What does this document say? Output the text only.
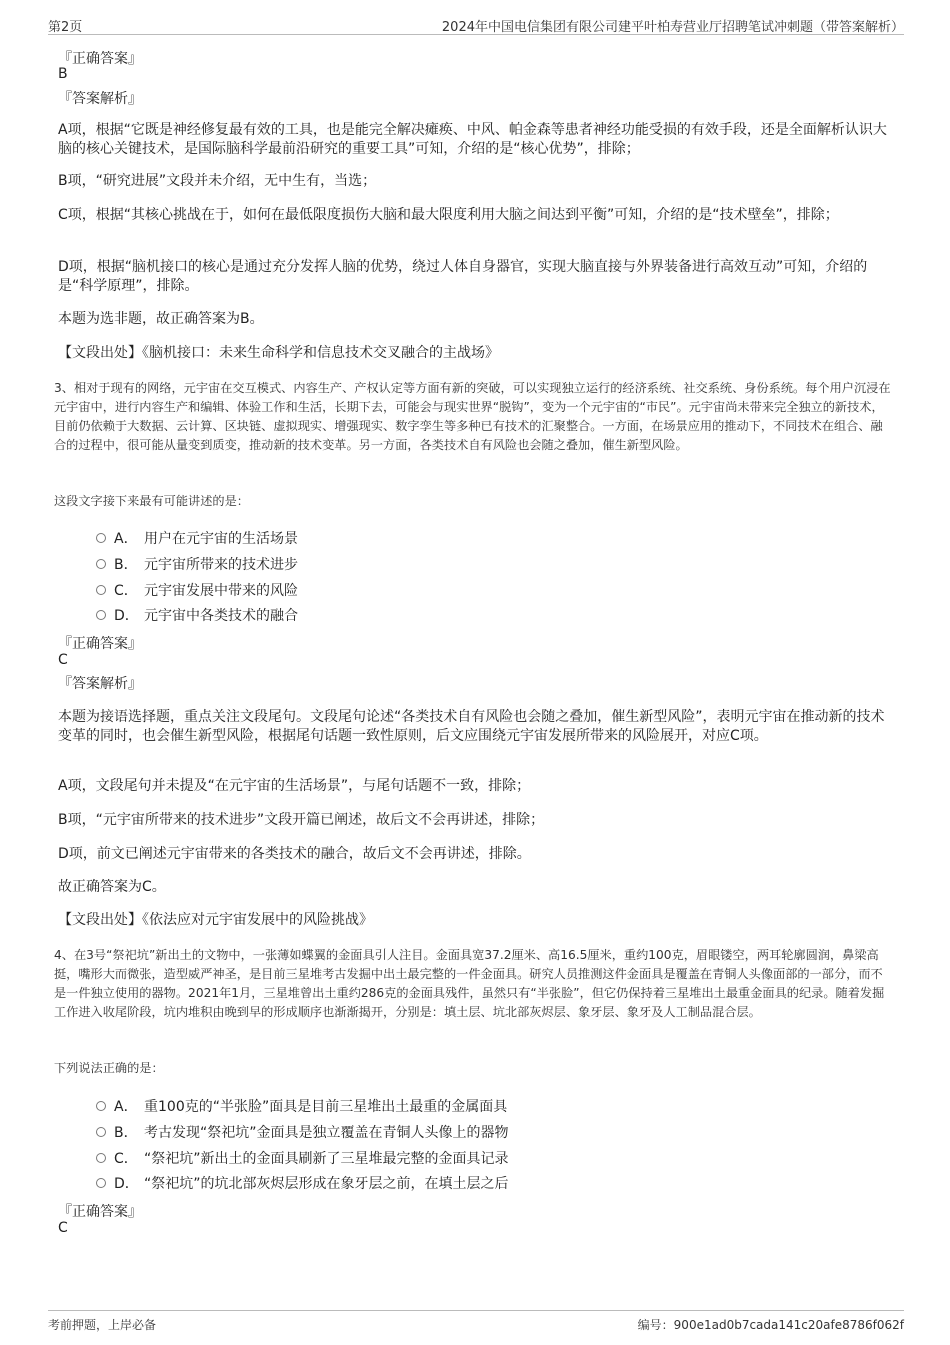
第2页	2024年中国电信集团有限公司建平叶柏寿营业厅招聘笔试冲刺题（带答案解析）
『正确答案』
B
『答案解析』
A项，根据“它既是神经修复最有效的工具，也是能完全解决瘫痪、中风、帕金森等患者神经功能受损的有效手段，还是全面解析认识大脑的核心关键技术，是国际脑科学最前沿研究的重要工具”可知，介绍的是“核心优势”，排除；
B项，“研究进展”文段并未介绍，无中生有，当选；
C项，根据“其核心挑战在于，如何在最低限度损伤大脑和最大限度利用大脑之间达到平衡”可知，介绍的是“技术壁垒”，排除；
D项，根据“脑机接口的核心是通过充分发挥人脑的优势，绕过人体自身器官，实现大脑直接与外界装备进行高效互动”可知，介绍的是“科学原理”，排除。
本题为选非题，故正确答案为B。
【文段出处】《脑机接口：未来生命科学和信息技术交叉融合的主战场》
3、相对于现有的网络，元宇宙在交互模式、内容生产、产权认定等方面有新的突破，可以实现独立运行的经济系统、社交系统、身份系统。每个用户沉浸在元宇宙中，进行内容生产和编辑、体验工作和生活，长期下去，可能会与现实世界“脱钩”，变为一个元宇宙的“市民”。元宇宙尚未带来完全独立的新技术，目前仍依赖于大数据、云计算、区块链、虚拟现实、增强现实、数字孪生等多种已有技术的汇聚整合。一方面，在场景应用的推动下，不同技术在组合、融合的过程中，很可能从量变到质变，推动新的技术变革。另一方面，各类技术自有风险也会随之叠加，催生新型风险。
这段文字接下来最有可能讲述的是：
A． 用户在元宇宙的生活场景
B． 元宇宙所带来的技术进步
C． 元宇宙发展中带来的风险
D． 元宇宙中各类技术的融合
『正确答案』
C
『答案解析』
本题为接语选择题，重点关注文段尾句。文段尾句论述“各类技术自有风险也会随之叠加，催生新型风险”，表明元宇宙在推动新的技术变革的同时，也会催生新型风险，根据尾句话题一致性原则，后文应围绕元宇宙发展所带来的风险展开，对应C项。
A项，文段尾句并未提及“在元宇宙的生活场景”，与尾句话题不一致，排除；
B项，“元宇宙所带来的技术进步”文段开篇已阐述，故后文不会再讲述，排除；
D项，前文已阐述元宇宙带来的各类技术的融合，故后文不会再讲述，排除。
故正确答案为C。
【文段出处】《依法应对元宇宙发展中的风险挑战》
4、在3号“祭祀坑”新出土的文物中，一张薄如蝶翼的金面具引人注目。金面具宽37.2厘米、高16.5厘米，重约100克，眉眼镂空，两耳轮廓圆润，鼻梁高挺，嘴形大而微张，造型威严神圣，是目前三星堆考古发掘中出土最完整的一件金面具。研究人员推测这件金面具是覆盖在青铜人头像面部的一部分，而不是一件独立使用的器物。2021年1月，三星堆曾出土重约286克的金面具残件，虽然只有“半张脸”，但它仍保持着三星堆出土最重金面具的纪录。随着发掘工作进入收尾阶段，坑内堆积由晚到早的形成顺序也渐渐揭开，分别是：填土层、坑北部灰烬层、象牙层、象牙及人工制品混合层。
下列说法正确的是：
A． 重100克的“半张脸”面具是目前三星堆出土最重的金属面具
B． 考古发现“祭祀坑”金面具是独立覆盖在青铜人头像上的器物
C． “祭祀坑”新出土的金面具刷新了三星堆最完整的金面具记录
D． “祭祀坑”的坑北部灰烬层形成在象牙层之前，在填土层之后
『正确答案』
C
考前押题，上岸必备	编号：900e1ad0b7cada141c20afe8786f062f
